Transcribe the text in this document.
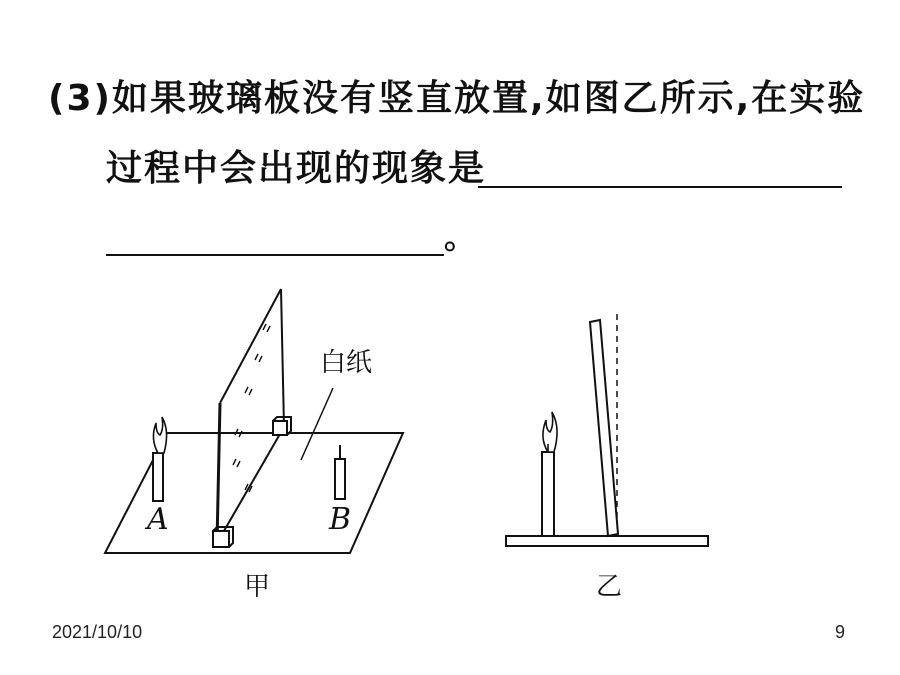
(3)如果玻璃板没有竖直放置,如图乙所示,在实验
过程中会出现的现象是
。
白纸
A	B
甲	乙
2021/10/10	9
